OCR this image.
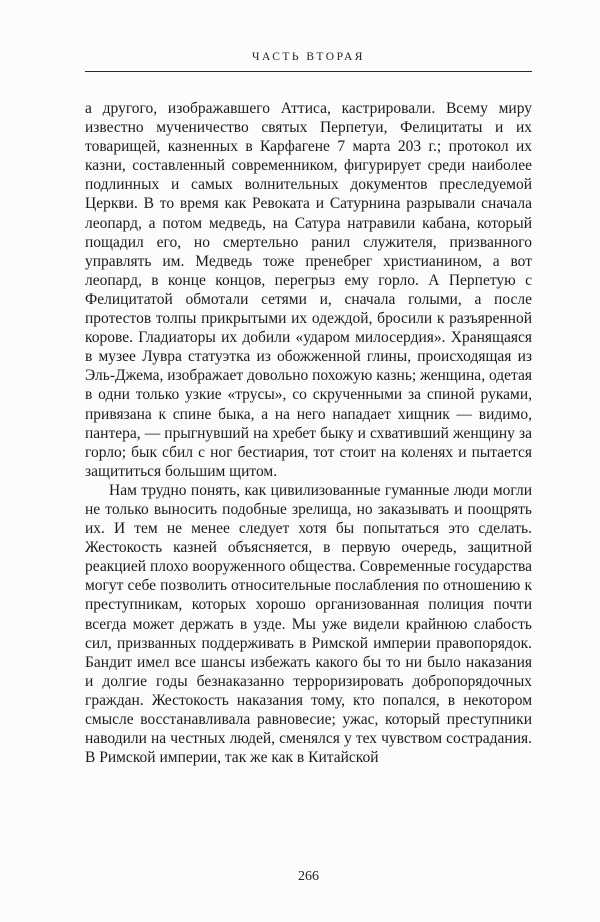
ЧАСТЬ ВТОРАЯ

а другого, изображавшего Аттиса, кастрировали. Всему миру известно мученичество святых Перпетуи, Фелицитаты и их товарищей, казненных в Карфагене 7 марта 203 г.; протокол их казни, составленный современником, фигурирует среди наиболее подлинных и самых волнительных документов преследуемой Церкви. В то время как Ревоката и Сатурнина разрывали сначала леопард, а потом медведь, на Сатура натравили кабана, который пощадил его, но смертельно ранил служителя, призванного управлять им. Медведь тоже пренебрег христианином, а вот леопард, в конце концов, перегрыз ему горло. А Перпетую с Фелицитатой обмотали сетями и, сначала голыми, а после протестов толпы прикрытыми их одеждой, бросили к разъяренной корове. Гладиаторы их добили «ударом милосердия». Хранящаяся в музее Лувра статуэтка из обожженной глины, происходящая из Эль-Джема, изображает довольно похожую казнь; женщина, одетая в одни только узкие «трусы», со скрученными за спиной руками, привязана к спине быка, а на него нападает хищник — видимо, пантера, — прыгнувший на хребет быку и схвативший женщину за горло; бык сбил с ног бестиария, тот стоит на коленях и пытается защититься большим щитом.

Нам трудно понять, как цивилизованные гуманные люди могли не только выносить подобные зрелища, но заказывать и поощрять их. И тем не менее следует хотя бы попытаться это сделать. Жестокость казней объясняется, в первую очередь, защитной реакцией плохо вооруженного общества. Современные государства могут себе позволить относительные послабления по отношению к преступникам, которых хорошо организованная полиция почти всегда может держать в узде. Мы уже видели крайнюю слабость сил, призванных поддерживать в Римской империи правопорядок. Бандит имел все шансы избежать какого бы то ни было наказания и долгие годы безнаказанно терроризировать добропорядочных граждан. Жестокость наказания тому, кто попался, в некотором смысле восстанавливала равновесие; ужас, который преступники наводили на честных людей, сменялся у тех чувством сострадания. В Римской империи, так же как в Китайской

266
